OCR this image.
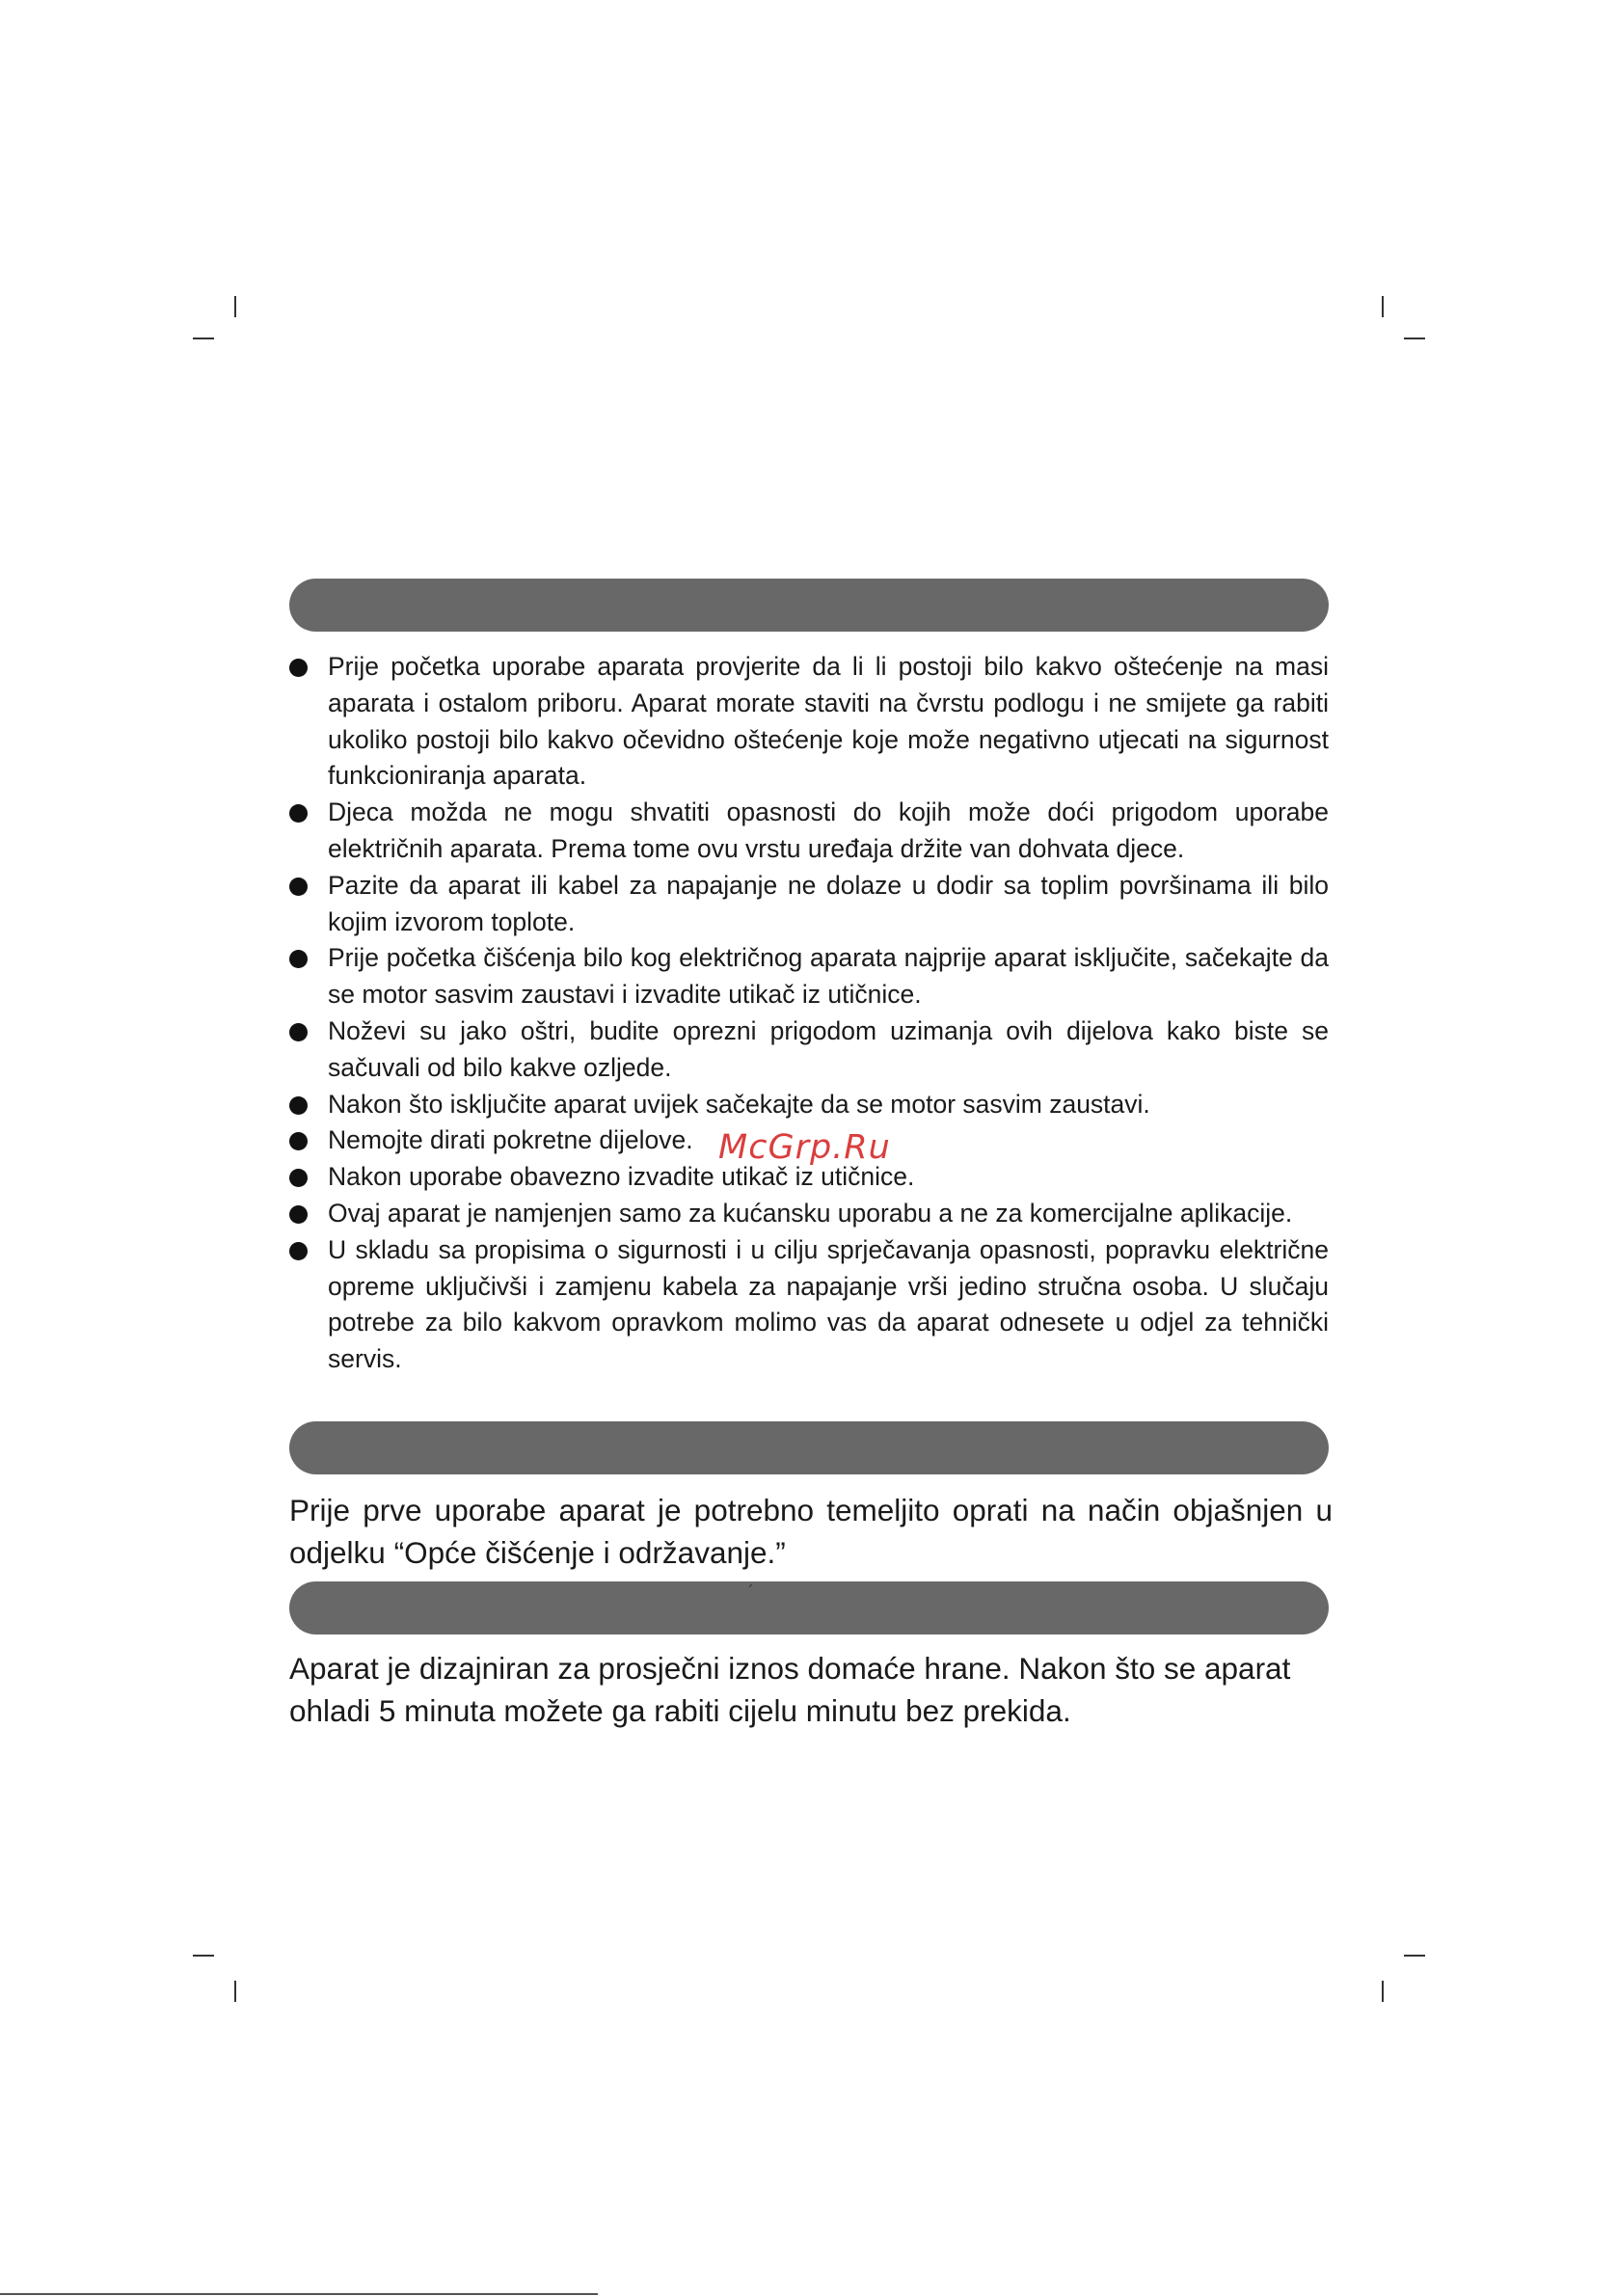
Prije početka uporabe aparata provjerite da li li postoji bilo kakvo oštećenje na masi aparata i ostalom priboru. Aparat morate staviti na čvrstu podlogu i ne smijete ga rabiti ukoliko postoji bilo kakvo očevidno oštećenje koje može negativno utjecati na sigurnost funkcioniranja aparata.
Djeca možda ne mogu shvatiti opasnosti do kojih može doći prigodom uporabe električnih aparata. Prema tome ovu vrstu uređaja držite van dohvata djece.
Pazite da aparat ili kabel za napajanje ne dolaze u dodir sa toplim površinama ili bilo kojim izvorom toplote.
Prije početka čišćenja bilo kog električnog aparata najprije aparat isključite, sačekajte da se motor sasvim zaustavi i izvadite utikač iz utičnice.
Noževi su jako oštri, budite oprezni prigodom uzimanja ovih dijelova kako biste se sačuvali od bilo kakve ozljede.
Nakon što isključite aparat uvijek sačekajte da se motor sasvim zaustavi.
Nemojte dirati pokretne dijelove.
Nakon uporabe obavezno izvadite utikač iz utičnice.
Ovaj aparat je namjenjen samo za kućansku uporabu a ne za komercijalne aplikacije.
U skladu sa propisima o sigurnosti i u cilju sprječavanja opasnosti, popravku električne opreme uključivši i zamjenu kabela za napajanje vrši jedino stručna osoba. U slučaju potrebe za bilo kakvom opravkom molimo vas da aparat odnesete u odjel za tehnički servis.

Prije prve uporabe aparat je potrebno temeljito oprati na način objašnjen u odjelku “Opće čišćenje i održavanje.”

´

Aparat je dizajniran za prosječni iznos domaće hrane. Nakon što se aparat ohladi 5 minuta možete ga rabiti cijelu minutu bez prekida.

McGrp.Ru
